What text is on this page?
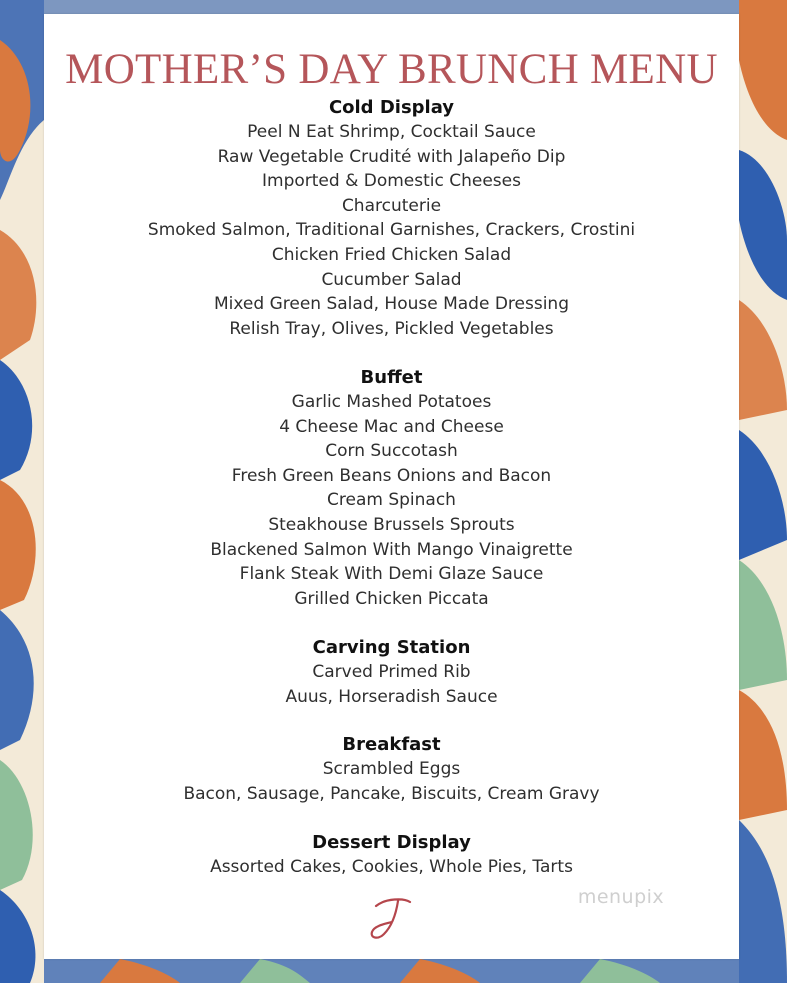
MOTHER’S DAY BRUNCH MENU
Cold Display
Peel N Eat Shrimp, Cocktail Sauce
Raw Vegetable Crudité with Jalapeño Dip
Imported & Domestic Cheeses
Charcuterie
Smoked Salmon, Traditional Garnishes, Crackers, Crostini
Chicken Fried Chicken Salad
Cucumber Salad
Mixed Green Salad, House Made Dressing
Relish Tray, Olives, Pickled Vegetables
Buffet
Garlic Mashed Potatoes
4 Cheese Mac and Cheese
Corn Succotash
Fresh Green Beans Onions and Bacon
Cream Spinach
Steakhouse Brussels Sprouts
Blackened Salmon With Mango Vinaigrette
Flank Steak With Demi Glaze Sauce
Grilled Chicken Piccata
Carving Station
Carved Primed Rib
Auus, Horseradish Sauce
Breakfast
Scrambled Eggs
Bacon, Sausage, Pancake, Biscuits, Cream Gravy
Dessert Display
Assorted Cakes, Cookies, Whole Pies, Tarts
menupix
